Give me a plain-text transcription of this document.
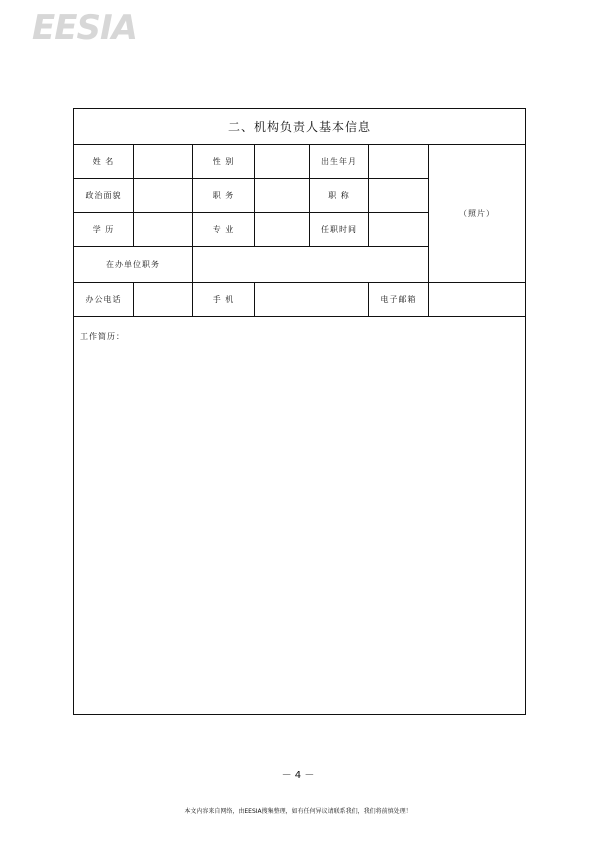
EESIA
二、机构负责人基本信息
姓 名	性 别	出生年月
（照片）
政治面貌	职 务	职 称
学 历	专 业	任职时间
在办单位职务
办公电话	手 机	电子邮箱
工作简历：
－ 4 －
本文内容来自网络，由EESIA搜集整理，如有任何异议请联系我们，我们将前慎处理！
